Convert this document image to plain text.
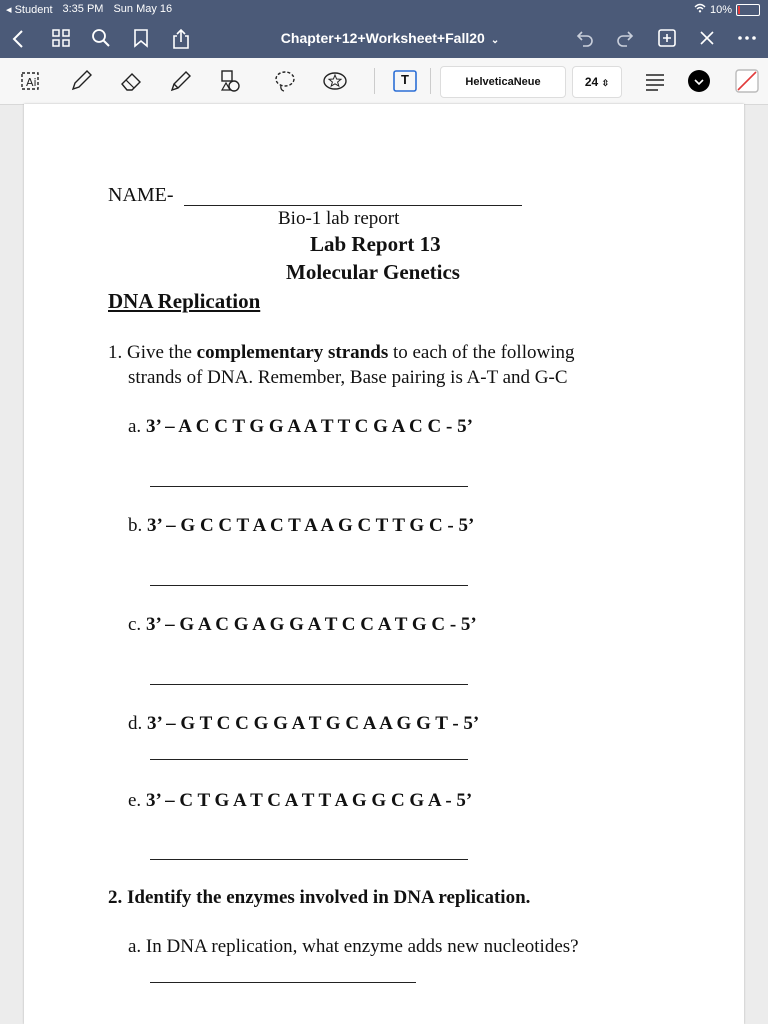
◂ Student 3:35 PM Sun May 16	10%
Chapter+12+Worksheet+Fall20 ⌄
Ai	T	HelveticaNeue	24 ⇳
NAME-
Bio-1 lab report
Lab Report 13
Molecular Genetics
DNA Replication
1. Give the complementary strands to each of the following
strands of DNA. Remember, Base pairing is A-T and G-C
a. 3’ – A C C T G G A A T T C G A C C - 5’
b. 3’ – G C C T A C T A A G C T T G C - 5’
c. 3’ – G A C G A G G A T C C A T G C - 5’
d. 3’ – G T C C G G A T G C A A G G T - 5’
e. 3’ – C T G A T C A T T A G G C G A - 5’
2. Identify the enzymes involved in DNA replication.
a. In DNA replication, what enzyme adds new nucleotides?
